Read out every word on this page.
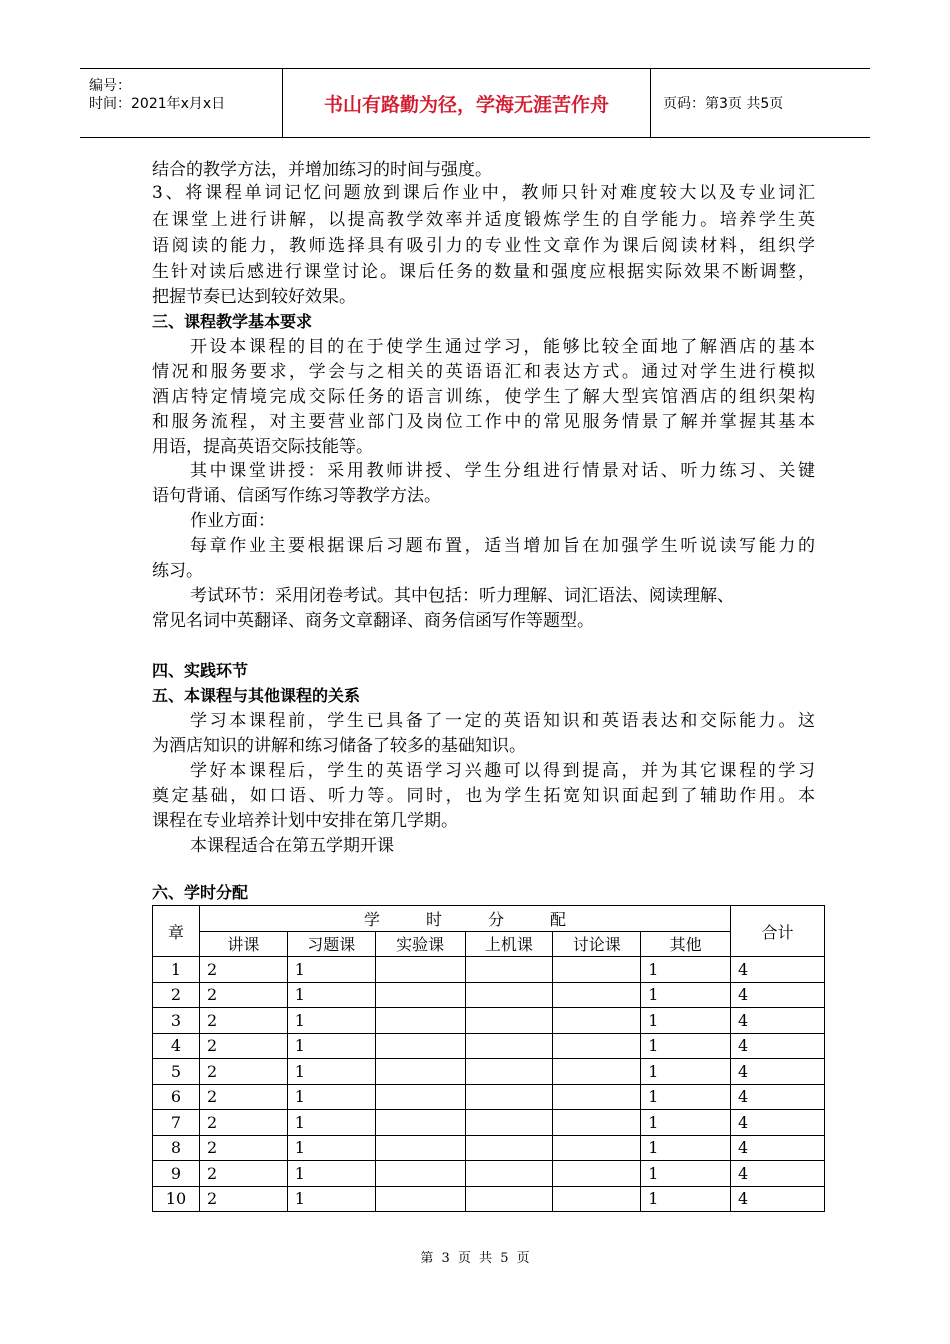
编号：
时间：2021年x月x日	书山有路勤为径，学海无涯苦作舟	页码：第3页 共5页
结合的教学方法，并增加练习的时间与强度。
3、将课程单词记忆问题放到课后作业中，教师只针对难度较大以及专业词汇
在课堂上进行讲解，以提高教学效率并适度锻炼学生的自学能力。培养学生英
语阅读的能力，教师选择具有吸引力的专业性文章作为课后阅读材料，组织学
生针对读后感进行课堂讨论。课后任务的数量和强度应根据实际效果不断调整，
把握节奏已达到较好效果。
三、课程教学基本要求
开设本课程的目的在于使学生通过学习，能够比较全面地了解酒店的基本
情况和服务要求，学会与之相关的英语语汇和表达方式。通过对学生进行模拟
酒店特定情境完成交际任务的语言训练，使学生了解大型宾馆酒店的组织架构
和服务流程，对主要营业部门及岗位工作中的常见服务情景了解并掌握其基本
用语，提高英语交际技能等。
其中课堂讲授：采用教师讲授、学生分组进行情景对话、听力练习、关键
语句背诵、信函写作练习等教学方法。
作业方面：
每章作业主要根据课后习题布置，适当增加旨在加强学生听说读写能力的
练习。
考试环节：采用闭卷考试。其中包括：听力理解、词汇语法、阅读理解、
常见名词中英翻译、商务文章翻译、商务信函写作等题型。
四、实践环节
五、本课程与其他课程的关系
学习本课程前，学生已具备了一定的英语知识和英语表达和交际能力。这
为酒店知识的讲解和练习储备了较多的基础知识。
学好本课程后，学生的英语学习兴趣可以得到提高，并为其它课程的学习
奠定基础，如口语、听力等。同时，也为学生拓宽知识面起到了辅助作用。本
课程在专业培养计划中安排在第几学期。
本课程适合在第五学期开课
六、学时分配
章	学时分配						合计
	讲课	习题课	实验课	上机课	讨论课	其他	
1	2	1				1	4
2	2	1				1	4
3	2	1				1	4
4	2	1				1	4
5	2	1				1	4
6	2	1				1	4
7	2	1				1	4
8	2	1				1	4
9	2	1				1	4
10	2	1				1	4
第 3 页 共 5 页
